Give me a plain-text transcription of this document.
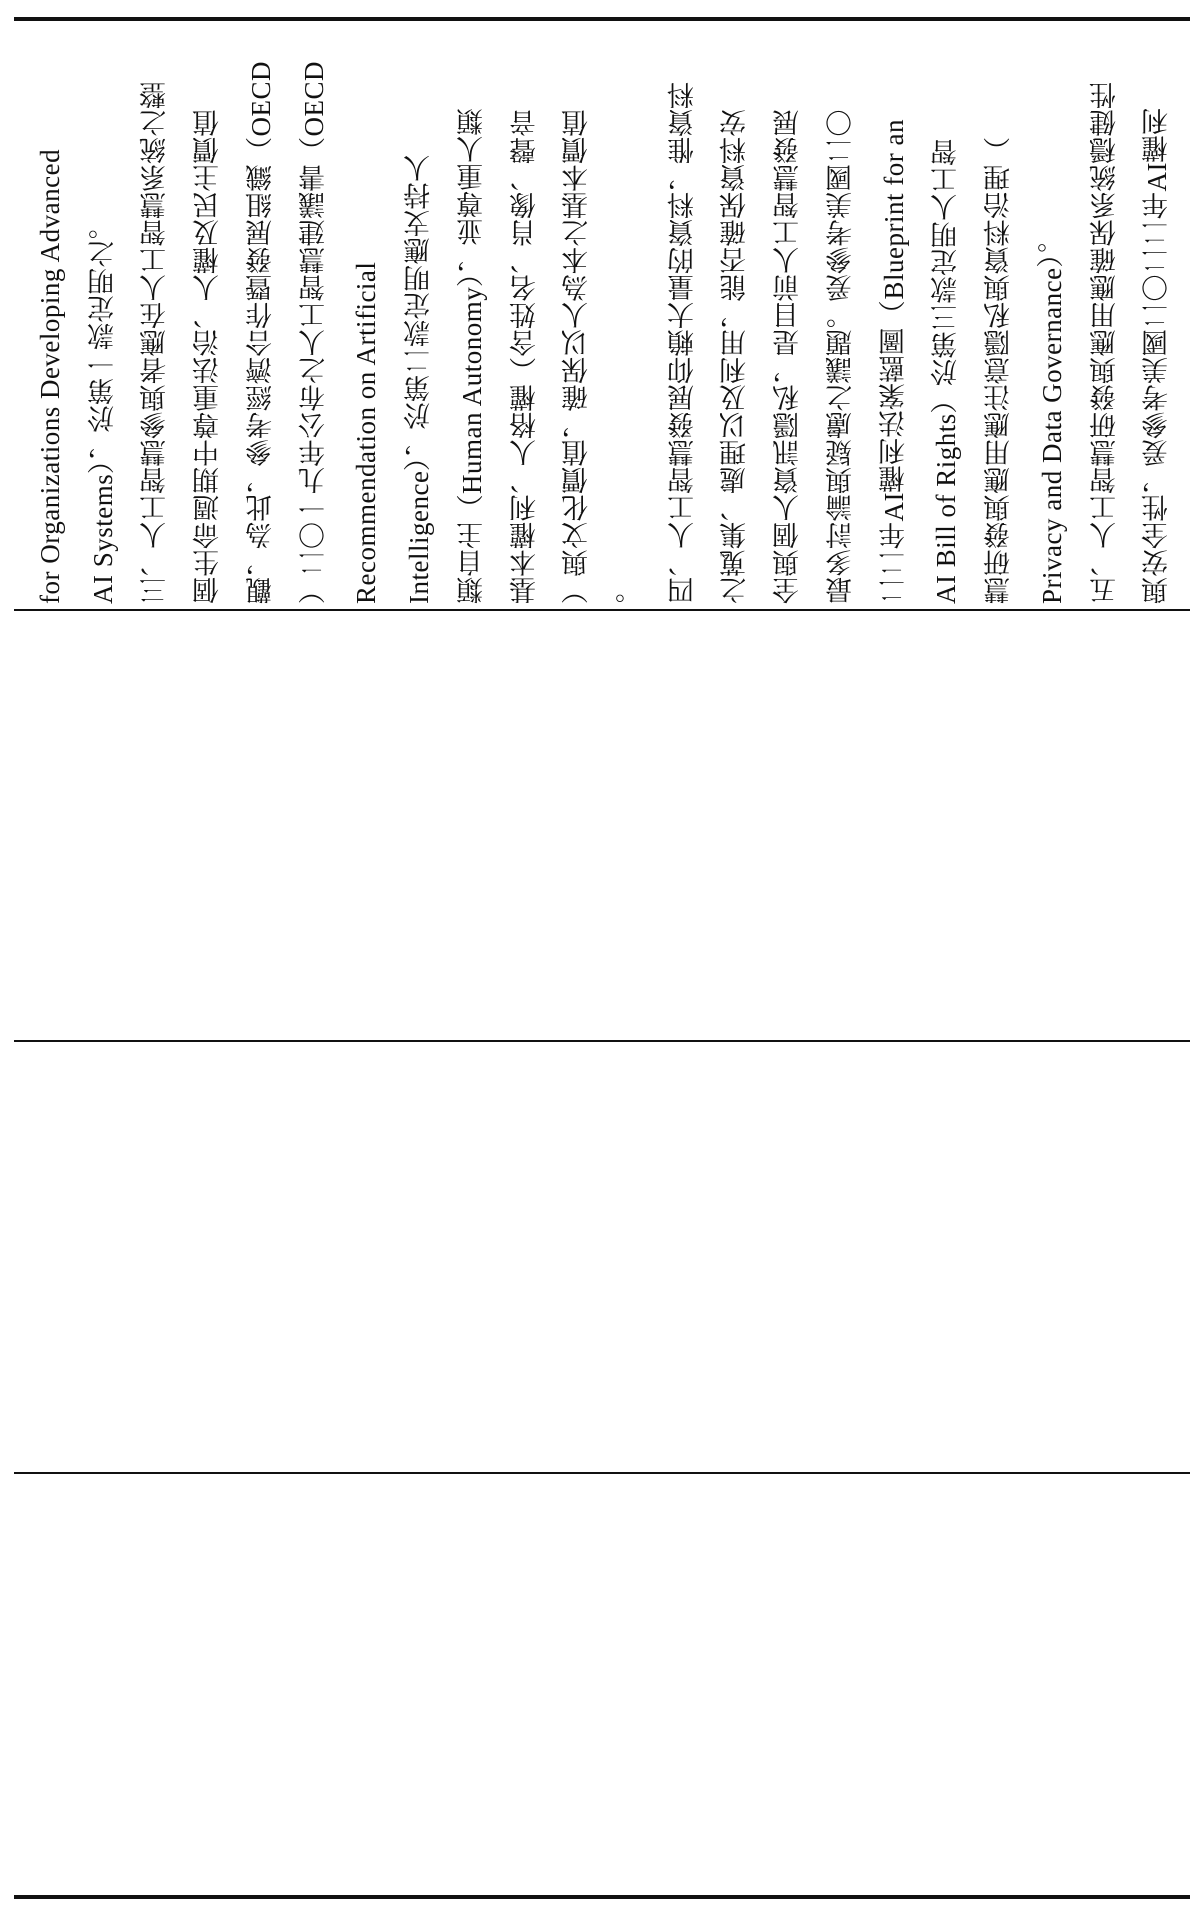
for Organizations Developing Advanced AI Systems），於第一款定明之。 三、人工智慧參與者應在人工智慧系統之整 個生命週期中尊重法治、人權及民主價值 觀，為此，參考經濟合作暨發展組織（OECD ）二〇一九年公布之人工智慧建議書（OECD Recommendation on Artificial Intelligence），於第二款定明應支持人 類自主（Human Autonomy），並尊重人類 基本權利、人格權（含姓名、肖像、聲音 ）與文化價值，確保以人為本之基本價值 。 四、人工智慧發展仰賴大量的資料，惟資料 之蒐集、處理以及利用，能否確保資料安 全與個人資訊隱私，是目前人工智慧發展 最多討論與疑慮之議題。爰參考美國二〇 二二年AI權利法案藍圖（Blueprint for an AI Bill of Rights）於第三款定明人工智 慧研發與應用應注意隱私與資料治理（ Privacy and Data Governance）。 五、人工智慧研發與應用應確保系統穩健性 與安全性，爰參考美國二〇二二年AI權利
